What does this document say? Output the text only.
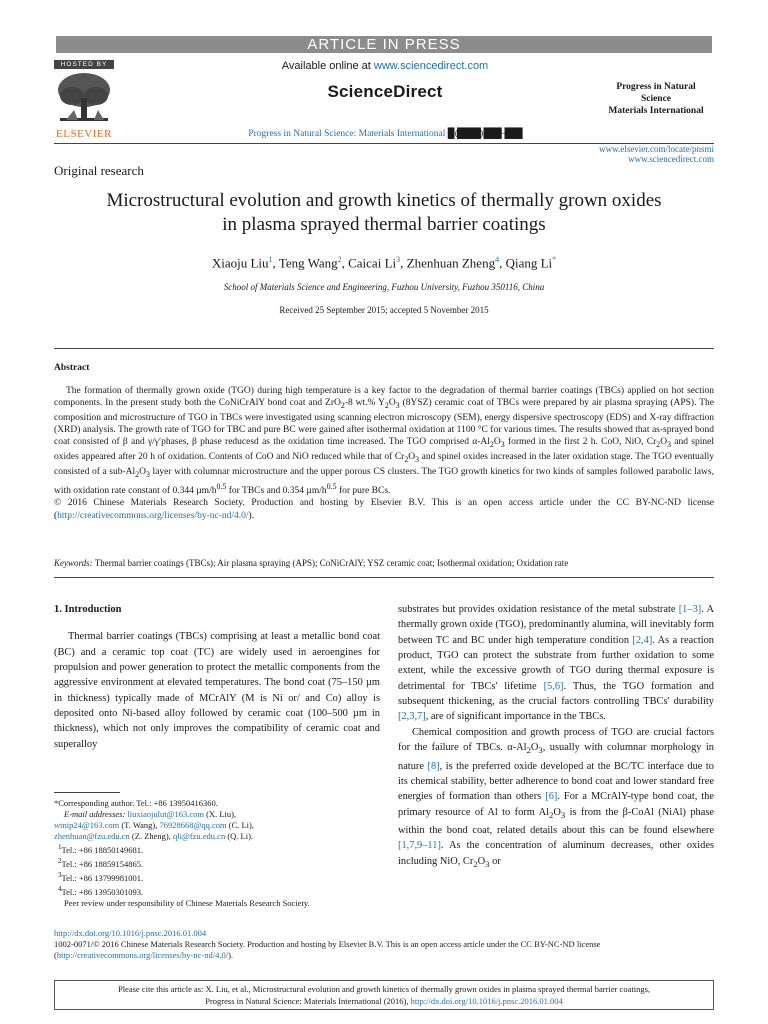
ARTICLE IN PRESS
HOSTED BY
ELSEVIER
Available online at www.sciencedirect.com
ScienceDirect
Progress in Natural Science: Materials International █ (████) ███–███
Progress in Natural
Science
Materials International
www.elsevier.com/locate/pnsmi
www.sciencedirect.com
Original research
Microstructural evolution and growth kinetics of thermally grown oxides
in plasma sprayed thermal barrier coatings
Xiaoju Liu$^1$, Teng Wang$^2$, Caicai Li$^3$, Zhenhuan Zheng$^4$, Qiang Li*
School of Materials Science and Engineering, Fuzhou University, Fuzhou 350116, China
Received 25 September 2015; accepted 5 November 2015
Abstract

The formation of thermally grown oxide (TGO) during high temperature is a key factor to the degradation of thermal barrier coatings (TBCs) applied on hot section components. In the present study both the CoNiCrAlY bond coat and ZrO$_2$-8 wt.% $Y_2O_3$ (8YSZ) ceramic coat of TBCs were prepared by air plasma spraying (APS). The composition and microstructure of TGO in TBCs were investigated using scanning electron microscopy (SEM), energy dispersive spectroscopy (EDS) and X-ray diffraction (XRD) analysis. The growth rate of TGO for TBC and pure BC were gained after isothermal oxidation at 1100 °C for various times. The results showed that as-sprayed bond coat consisted of β and γ/γ′phases, β phase reducesd as the oxidation time increased. The TGO comprised $\alpha-Al_2O_3$ formed in the first 2 h. CoO, NiO, $Cr_2O_3$ and spinel oxides appeared after 20 h of oxidation. Contents of CoO and NiO reduced while that of $Cr_2O_3$ and spinel oxides increased in the later oxidation stage. The TGO eventually consisted of a sub-$Al_2O_3$ layer with columnar microstructure and the upper porous CS clusters. The TGO growth kinetics for two kinds of samples followed parabolic laws, with oxidation rate constant of 0.344 $\mu m/h^{0.5}$ for TBCs and 0.354 $\mu m/h^{0.5}$ for pure BCs.

© 2016 Chinese Materials Research Society. Production and hosting by Elsevier B.V. This is an open access article under the CC BY-NC-ND license (http://creativecommons.org/licenses/by-nc-nd/4.0/).

Keywords: Thermal barrier coatings (TBCs); Air plasma spraying (APS); CoNiCrAlY; YSZ ceramic coat; Isothermal oxidation; Oxidation rate
1. Introduction

Thermal barrier coatings (TBCs) comprising at least a metallic bond coat (BC) and a ceramic top coat (TC) are widely used in aeroengines for propulsion and power generation to protect the metallic components from the aggressive environment at elevated temperatures. The bond coat (75–150 µm in thickness) typically made of MCrAlY (M is Ni or/ and Co) alloy is deposited onto Ni-based alloy followed by ceramic coat (100–500 µm in thickness), which not only improves the compatibility of ceramic coat and superalloy

substrates but provides oxidation resistance of the metal substrate [1–3]. A thermally grown oxide (TGO), predominantly alumina, will inevitably form between TC and BC under high temperature condition [2,4]. As a reaction product, TGO can protect the substrate from further oxidation to some extent, while the excessive growth of TGO during thermal exposure is detrimental for TBCs' lifetime [5,6]. Thus, the TGO formation and subsequent thickening, as the crucial factors controlling TBCs' durability [2,3,7], are of significant importance in the TBCs.

Chemical composition and growth process of TGO are crucial factors for the failure of TBCs. $\alpha-Al_2O_3$, usually with columnar morphology in nature [8], is the preferred oxide developed at the BC/TC interface due to its chemical stability, better adherence to bond coat and lower standard free energies of formation than others [6]. For a MCrAlY-type bond coat, the primary resource of Al to form $Al_2O_3$ is from the β-CoAl (NiAl) phase within the bond coat, related details about this can be found elsewhere [1,7,9–11]. As the concentration of aluminum decreases, other oxides including NiO, $Cr_2O_3$ or

*Corresponding author. Tel.: +86 13950416360.
E-mail addresses: liuxiaojulut@163.com (X. Liu),
wtnip24@163.com (T. Wang), 76928668@qq.com (C. Li),
zhenhuan@fzu.edu.cn (Z. Zheng), qli@fzu.edu.cn (Q. Li).
$^1$Tel.: +86 18850149681.
$^2$Tel.: +86 18859154865.
$^3$Tel.: +86 13799981001.
$^4$Tel.: +86 13950301093.
Peer review under responsibility of Chinese Materials Research Society.
http://dx.doi.org/10.1016/j.pnsc.2016.01.004
1002-0071/© 2016 Chinese Materials Research Society. Production and hosting by Elsevier B.V. This is an open access article under the CC BY-NC-ND license
(http://creativecommons.org/licenses/by-nc-nd/4.0/).
Please cite this article as: X. Liu, et al., Microstructural evolution and growth kinetics of thermally grown oxides in plasma sprayed thermal barrier coatings,
Progress in Natural Science: Materials International (2016), http://dx.doi.org/10.1016/j.pnsc.2016.01.004
